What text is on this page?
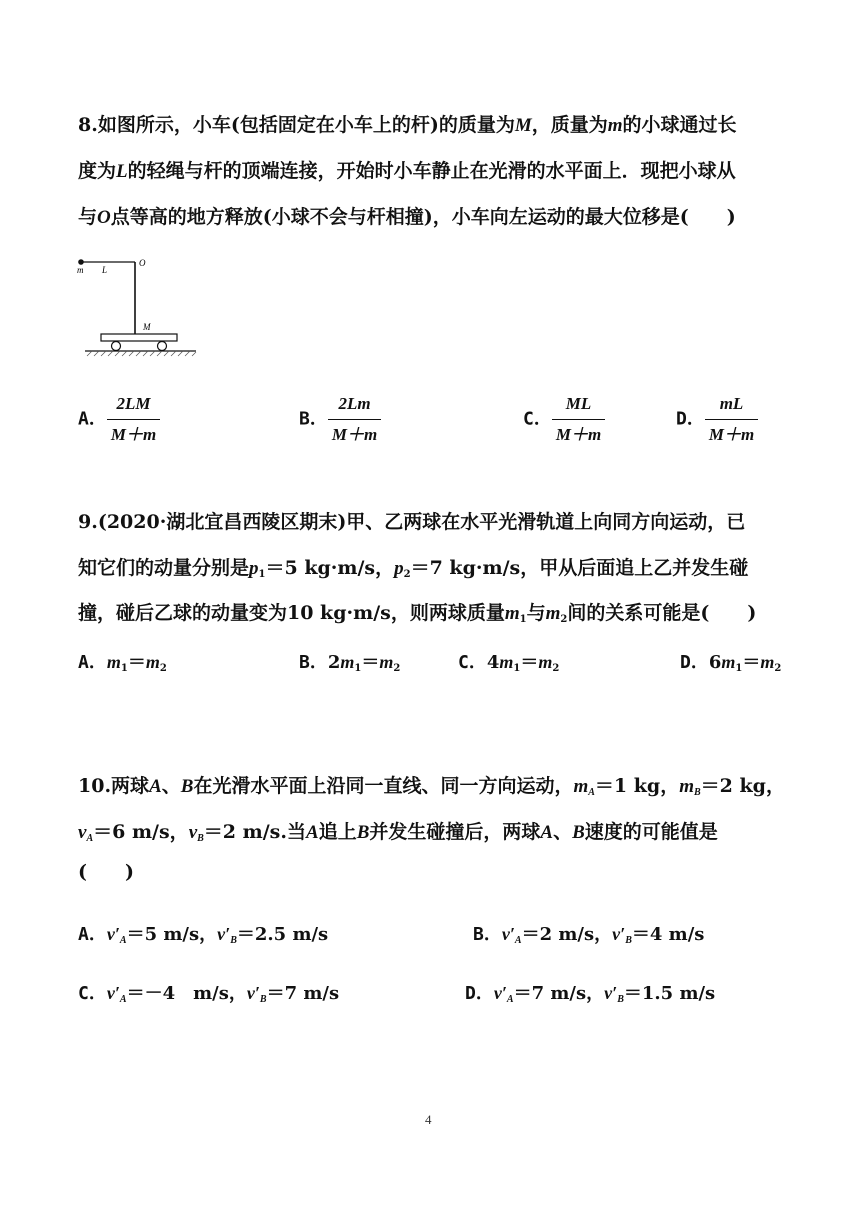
8.如图所示，小车(包括固定在小车上的杆)的质量为M，质量为m的小球通过长
度为L的轻绳与杆的顶端连接，开始时小车静止在光滑的水平面上．现把小球从
与O点等高的地方释放(小球不会与杆相撞)，小车向左运动的最大位移是(　　)
m L
O
M
A． $\frac{2LM}{M+m}$	B． $\frac{2Lm}{M+m}$	C． $\frac{ML}{M+m}$	D． $\frac{mL}{M+m}$
9.(2020·湖北宜昌西陵区期末)甲、乙两球在水平光滑轨道上向同方向运动，已
知它们的动量分别是$p_1=5$ kg·m/s，$p_2=7$ kg·m/s，甲从后面追上乙并发生碰
撞，碰后乙球的动量变为10 kg·m/s，则两球质量$m_1$与$m_2$间的关系可能是(　　)
A．$m_1=m_2$	B．$2m_1=m_2$	C．$4m_1=m_2$	D．$6m_1=m_2$
10.两球A、B在光滑水平面上沿同一直线、同一方向运动，$m_A=1$ kg，$m_B=2$ kg，
$v_A=6$ m/s，$v_B=2$ m/s.当A追上B并发生碰撞后，两球A、B速度的可能值是
(　　)
A．$v'_A=5$ m/s，$v'_B=2.5$ m/s	B．$v'_A=2$ m/s，$v'_B=4$ m/s
C．$v'_A=-4$　m/s，$v'_B=7$ m/s	D．$v'_A=7$ m/s，$v'_B=1.5$ m/s
4
